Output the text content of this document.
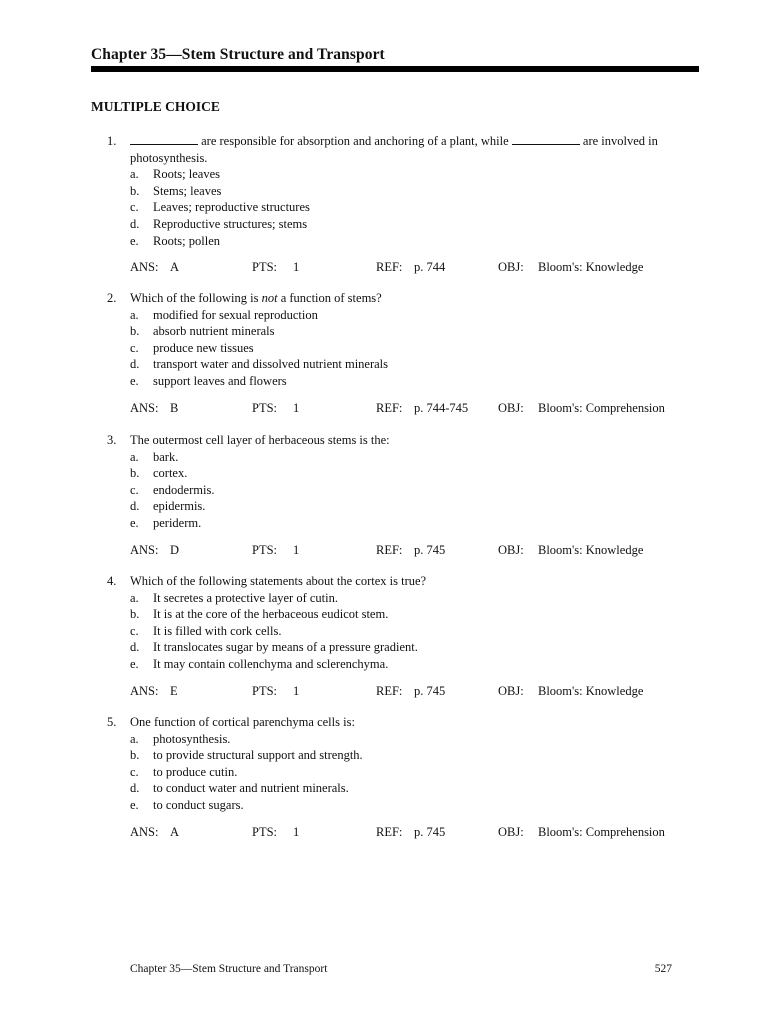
Chapter 35—Stem Structure and Transport
MULTIPLE CHOICE
1.	are responsible for absorption and anchoring of a plant, while	are involved in photosynthesis.
a. Roots; leaves
b. Stems; leaves
c. Leaves; reproductive structures
d. Reproductive structures; stems
e. Roots; pollen
ANS: A	PTS: 1	REF: p. 744	OBJ: Bloom's: Knowledge
2. Which of the following is not a function of stems?
a. modified for sexual reproduction
b. absorb nutrient minerals
c. produce new tissues
d. transport water and dissolved nutrient minerals
e. support leaves and flowers
ANS: B	PTS: 1	REF: p. 744-745 OBJ: Bloom's: Comprehension
3. The outermost cell layer of herbaceous stems is the:
a. bark.
b. cortex.
c. endodermis.
d. epidermis.
e. periderm.
ANS: D	PTS: 1	REF: p. 745	OBJ: Bloom's: Knowledge
4. Which of the following statements about the cortex is true?
a. It secretes a protective layer of cutin.
b. It is at the core of the herbaceous eudicot stem.
c. It is filled with cork cells.
d. It translocates sugar by means of a pressure gradient.
e. It may contain collenchyma and sclerenchyma.
ANS: E	PTS: 1	REF: p. 745	OBJ: Bloom's: Knowledge
5. One function of cortical parenchyma cells is:
a. photosynthesis.
b. to provide structural support and strength.
c. to produce cutin.
d. to conduct water and nutrient minerals.
e. to conduct sugars.
ANS: A	PTS: 1	REF: p. 745	OBJ: Bloom's: Comprehension
Chapter 35—Stem Structure and Transport	527
